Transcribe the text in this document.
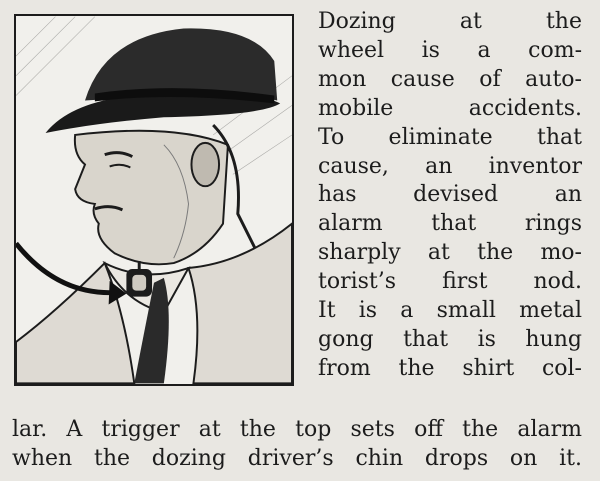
Dozing at the
wheel is a com-
mon cause of auto-
mobile accidents.
To eliminate that
cause, an inventor
has devised an
alarm that rings
sharply at the mo-
torist’s first nod.
It is a small metal
gong that is hung
from the shirt col-
lar. A trigger at the top sets off the alarm
when the dozing driver’s chin drops on it.
